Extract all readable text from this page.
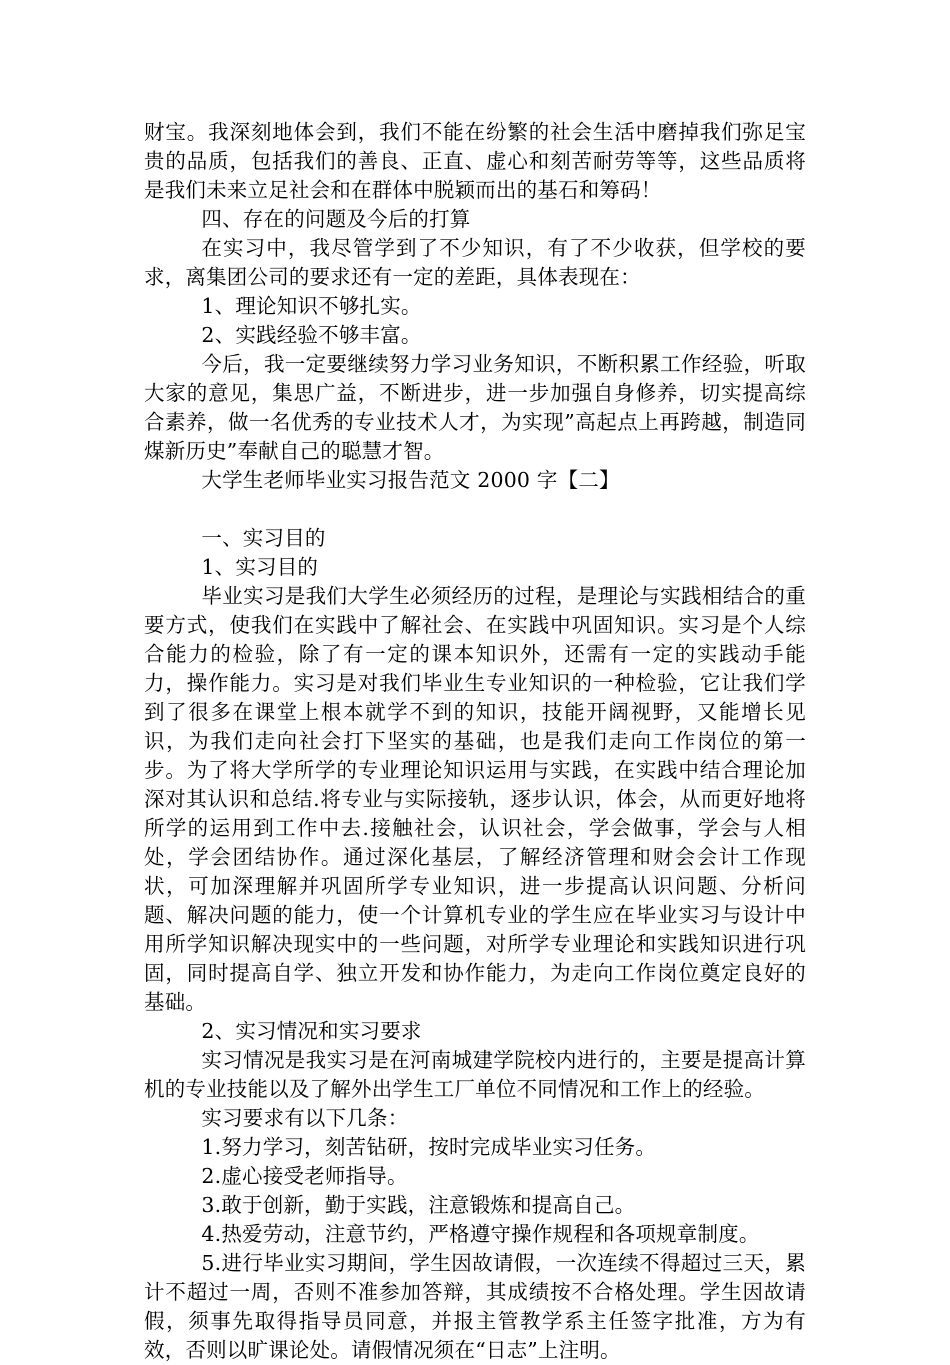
财宝。我深刻地体会到，我们不能在纷繁的社会生活中磨掉我们弥足宝贵的品质，包括我们的善良、正直、虚心和刻苦耐劳等等，这些品质将是我们未来立足社会和在群体中脱颖而出的基石和筹码！

四、存在的问题及今后的打算

在实习中，我尽管学到了不少知识，有了不少收获，但学校的要求，离集团公司的要求还有一定的差距，具体表现在：

1、理论知识不够扎实。

2、实践经验不够丰富。

今后，我一定要继续努力学习业务知识，不断积累工作经验，听取大家的意见，集思广益，不断进步，进一步加强自身修养，切实提高综合素养，做一名优秀的专业技术人才，为实现”高起点上再跨越，制造同煤新历史”奉献自己的聪慧才智。

大学生老师毕业实习报告范文 2000 字【二】

一、实习目的

1、实习目的

毕业实习是我们大学生必须经历的过程，是理论与实践相结合的重要方式，使我们在实践中了解社会、在实践中巩固知识。实习是个人综合能力的检验，除了有一定的课本知识外，还需有一定的实践动手能力，操作能力。实习是对我们毕业生专业知识的一种检验，它让我们学到了很多在课堂上根本就学不到的知识，技能开阔视野，又能增长见识，为我们走向社会打下坚实的基础，也是我们走向工作岗位的第一步。为了将大学所学的专业理论知识运用与实践，在实践中结合理论加深对其认识和总结.将专业与实际接轨，逐步认识，体会，从而更好地将所学的运用到工作中去.接触社会，认识社会，学会做事，学会与人相处，学会团结协作。通过深化基层，了解经济管理和财会会计工作现状，可加深理解并巩固所学专业知识，进一步提高认识问题、分析问题、解决问题的能力，使一个计算机专业的学生应在毕业实习与设计中用所学知识解决现实中的一些问题，对所学专业理论和实践知识进行巩固，同时提高自学、独立开发和协作能力，为走向工作岗位奠定良好的基础。

2、实习情况和实习要求

实习情况是我实习是在河南城建学院校内进行的，主要是提高计算机的专业技能以及了解外出学生工厂单位不同情况和工作上的经验。

实习要求有以下几条：

1.努力学习，刻苦钻研，按时完成毕业实习任务。

2.虚心接受老师指导。

3.敢于创新，勤于实践，注意锻炼和提高自己。

4.热爱劳动，注意节约，严格遵守操作规程和各项规章制度。

5.进行毕业实习期间，学生因故请假，一次连续不得超过三天，累计不超过一周，否则不准参加答辩，其成绩按不合格处理。学生因故请假，须事先取得指导员同意，并报主管教学系主任签字批准，方为有效，否则以旷课论处。请假情况须在“日志”上注明。
